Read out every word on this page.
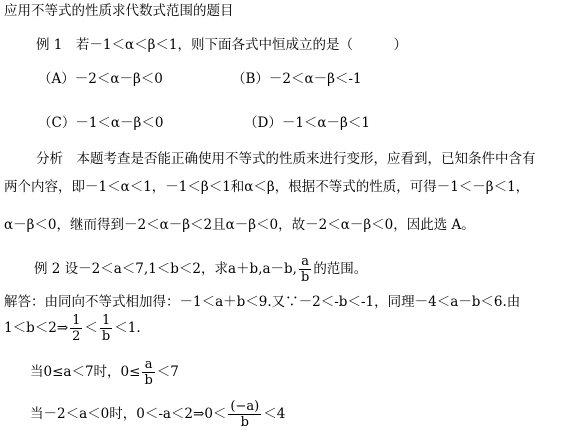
应用不等式的性质求代数式范围的题目
例 1　若－1＜α＜β＜1，则下面各式中恒成立的是（　　　）
（A）－2＜α－β＜0	（B）－2＜α－β＜-1
（C）－1＜α－β＜0	（D）－1＜α－β＜1
分析　本题考查是否能正确使用不等式的性质来进行变形，应看到，已知条件中含有
两个内容，即－1＜α＜1，－1＜β＜1和α＜β，根据不等式的性质，可得－1＜－β＜1，
α－β＜0，继而得到－2＜α－β＜2且α－β＜0，故－2＜α－β＜0，因此选 A。
例 2 设－2＜a＜7,1＜b＜2，求a＋b,a－b, $\frac{a}{b}$ 的范围。
解答：由同向不等式相加得：－1＜a＋b＜9.又∵－2＜-b＜-1，同理－4＜a－b＜6.由
1＜b＜2⇒ $\frac{1}{2} < \frac{1}{b} <1$.
当0≤a＜7时，$0\le \frac{a}{b} <7$
当－2＜a＜0时，0＜-a＜2⇒0＜ $\frac{(-a)}{b} <4$
